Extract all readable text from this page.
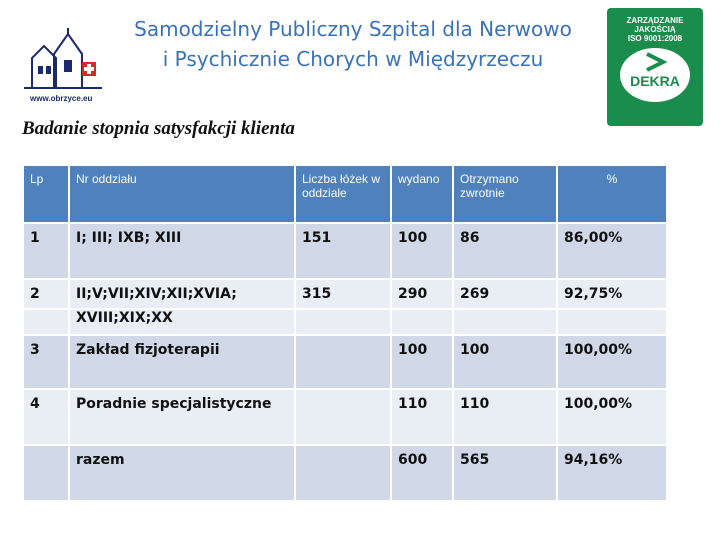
Samodzielny Publiczny Szpital dla Nerwowo
i Psychicznie Chorych w Międzyrzeczu
www.obrzyce.eu
ZARZĄDZANIE
JAKOŚCIĄ
ISO 9001:2008
DEKRA
Badanie stopnia satysfakcji klienta
Lp	Nr oddziału	Liczba łóżek w oddziale	wydano	Otrzymano zwrotnie	%
1	I; III; IXB; XIII	151	100	86	86,00%
2	II;V;VII;XIV;XII;XVIA;	315	290	269	92,75%
	XVIII;XIX;XX				
3	Zakład fizjoterapii		100	100	100,00%
4	Poradnie specjalistyczne		110	110	100,00%
	razem		600	565	94,16%
